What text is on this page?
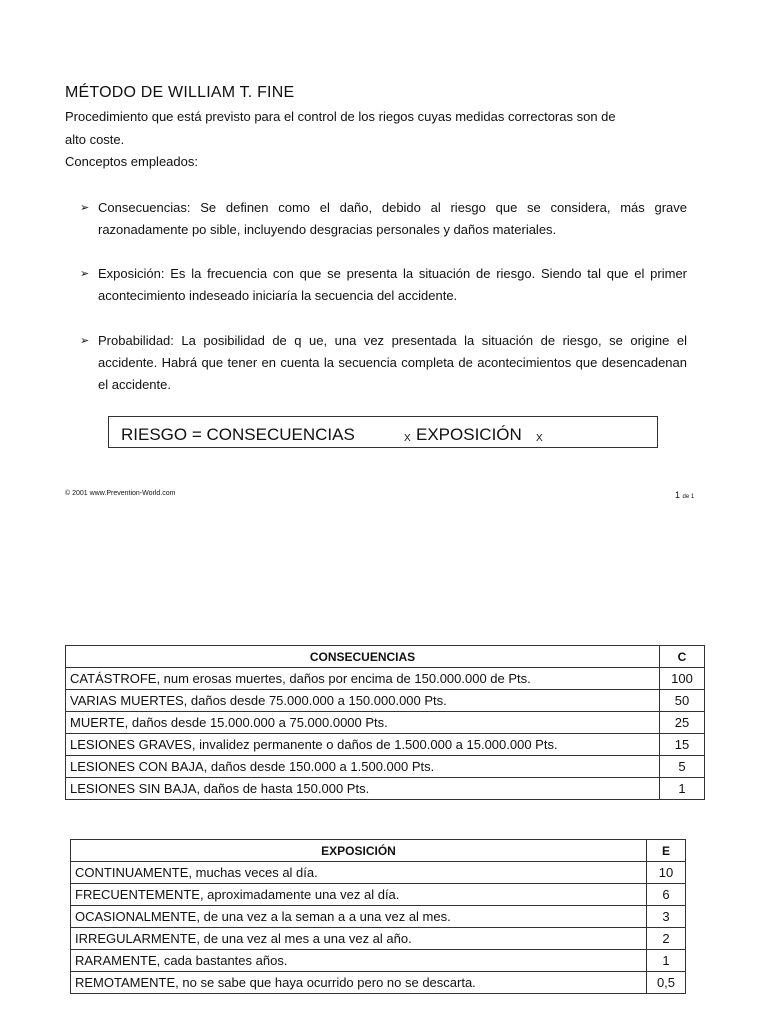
MÉTODO DE WILLIAM T. FINE
Procedimiento que está previsto para el control de los riegos cuyas medidas correctoras son de
alto coste.
Conceptos empleados:
➢ Consecuencias: Se definen como el daño, debido al riesgo que se considera, más grave razonadamente po sible, incluyendo desgracias personales y daños materiales.
➢ Exposición: Es la frecuencia con que se presenta la situación de riesgo. Siendo tal que el primer acontecimiento indeseado iniciaría la secuencia del accidente.
➢ Probabilidad: La posibilidad de q ue, una vez presentada la situación de riesgo, se origine el accidente. Habrá que tener en cuenta la secuencia completa de acontecimientos que desencadenan el accidente.
RIESGO = CONSECUENCIAS	X EXPOSICIÓN X
© 2001 www.Prevention-World.com	1 de 1
CONSECUENCIAS	C
CATÁSTROFE, num erosas muertes, daños por encima de 150.000.000 de Pts.	100
VARIAS MUERTES, daños desde 75.000.000 a 150.000.000 Pts.	50
MUERTE, daños desde 15.000.000 a 75.000.0000 Pts.	25
LESIONES GRAVES, invalidez permanente o daños de 1.500.000 a 15.000.000 Pts.	15
LESIONES CON BAJA, daños desde 150.000 a 1.500.000 Pts.	5
LESIONES SIN BAJA, daños de hasta 150.000 Pts.	1
EXPOSICIÓN	E
CONTINUAMENTE, muchas veces al día.	10
FRECUENTEMENTE, aproximadamente una vez al día.	6
OCASIONALMENTE, de una vez a la seman a a una vez al mes.	3
IRREGULARMENTE, de una vez al mes a una vez al año.	2
RARAMENTE, cada bastantes años.	1
REMOTAMENTE, no se sabe que haya ocurrido pero no se descarta.	0,5
